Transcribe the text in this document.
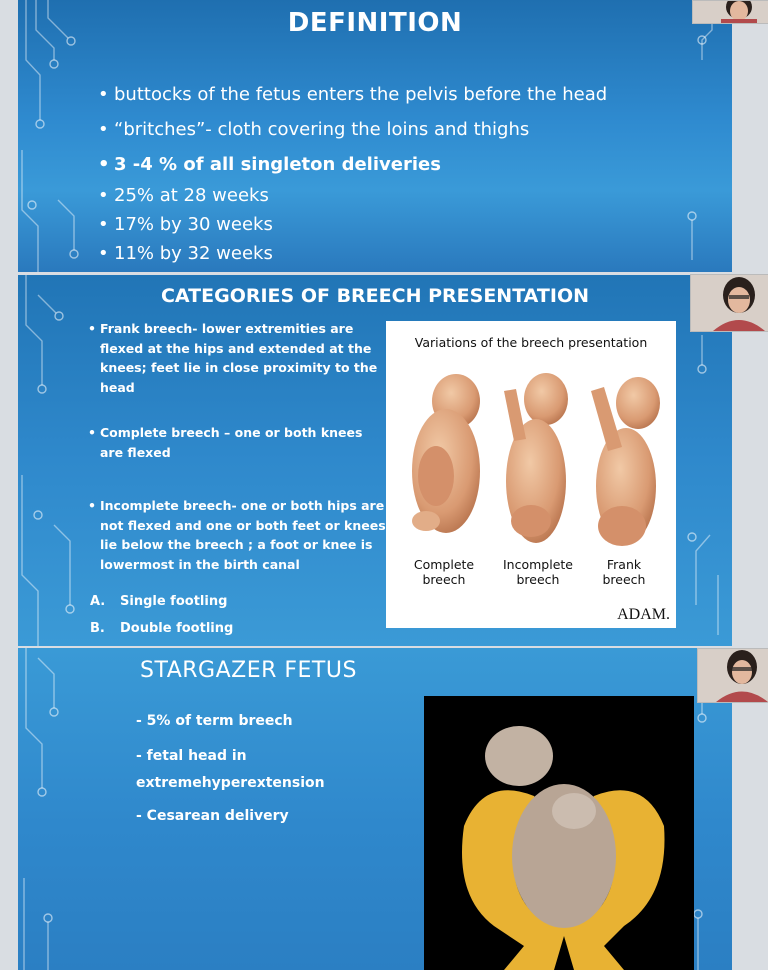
DEFINITION
• buttocks of the fetus enters the pelvis before the head
• “britches”- cloth covering the loins and thighs
• 3 -4 % of all singleton deliveries
• 25% at 28 weeks
• 17% by 30 weeks
• 11% by 32 weeks
CATEGORIES OF BREECH PRESENTATION
• Frank breech- lower extremities are flexed at the hips and extended at the knees; feet lie in close proximity to the head
• Complete breech – one or both knees are flexed
• Incomplete breech- one or both hips are not flexed and one or both feet or knees lie below the breech ; a foot or knee is lowermost in the birth canal
A. Single footling
B. Double footling
Variations of the breech presentation
Complete breech
Incomplete breech
Frank breech
ADAM.
STARGAZER FETUS
- 5% of term breech
- fetal head in extremehyperextension
- Cesarean delivery
